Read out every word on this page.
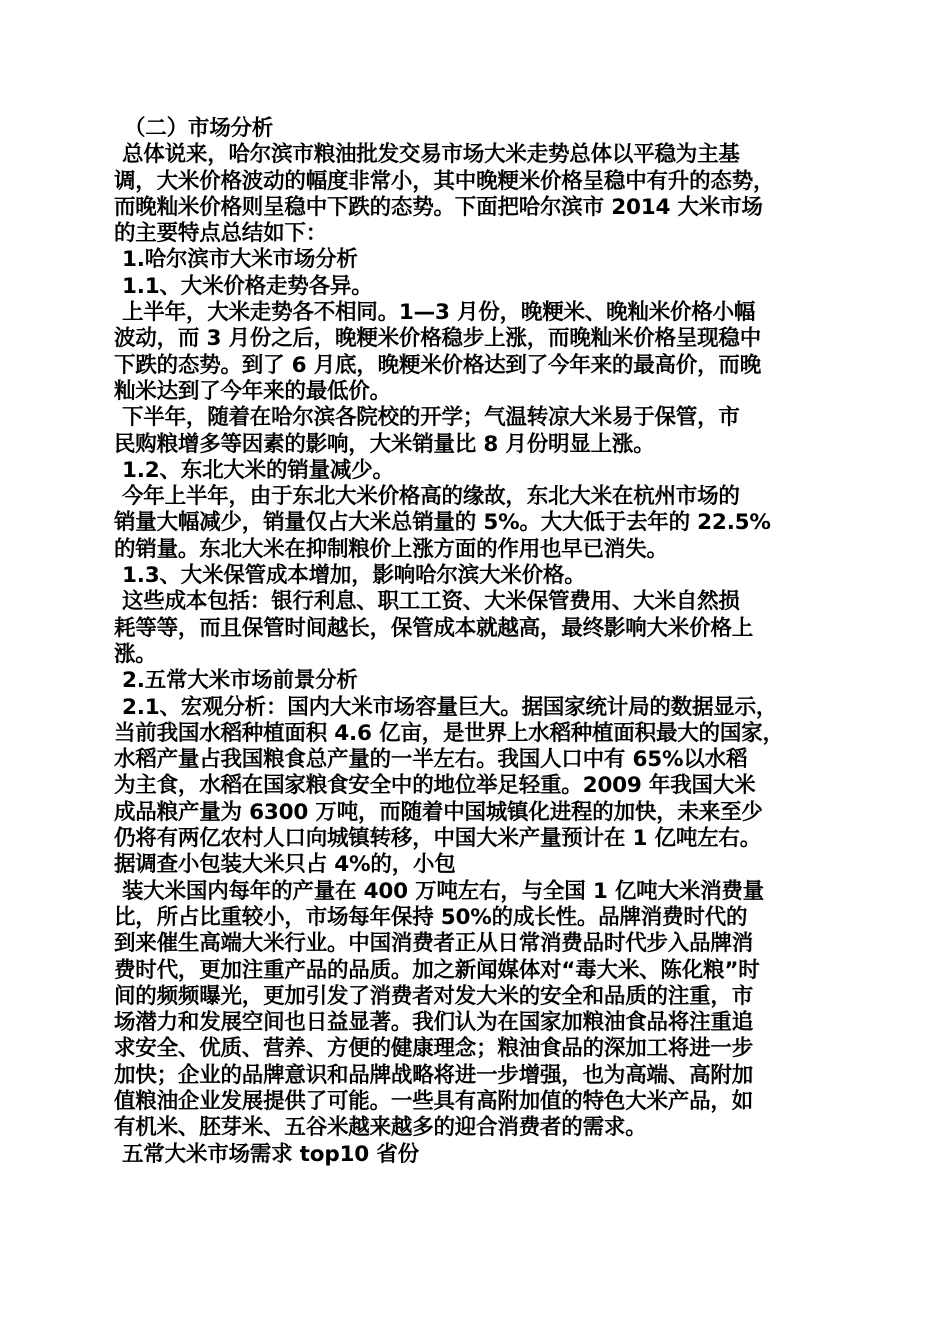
（二）市场分析
总体说来，哈尔滨市粮油批发交易市场大米走势总体以平稳为主基
调，大米价格波动的幅度非常小，其中晚粳米价格呈稳中有升的态势，
而晚籼米价格则呈稳中下跌的态势。下面把哈尔滨市 2014 大米市场
的主要特点总结如下：
1.哈尔滨市大米市场分析
1.1、大米价格走势各异。
上半年，大米走势各不相同。1—3 月份，晚粳米、晚籼米价格小幅
波动，而 3 月份之后，晚粳米价格稳步上涨，而晚籼米价格呈现稳中
下跌的态势。到了 6 月底，晚粳米价格达到了今年来的最高价，而晚
籼米达到了今年来的最低价。
下半年，随着在哈尔滨各院校的开学；气温转凉大米易于保管，市
民购粮增多等因素的影响，大米销量比 8 月份明显上涨。
1.2、东北大米的销量减少。
今年上半年，由于东北大米价格高的缘故，东北大米在杭州市场的
销量大幅减少，销量仅占大米总销量的 5%。大大低于去年的 22.5%
的销量。东北大米在抑制粮价上涨方面的作用也早已消失。
1.3、大米保管成本增加，影响哈尔滨大米价格。
这些成本包括：银行利息、职工工资、大米保管费用、大米自然损
耗等等，而且保管时间越长，保管成本就越高，最终影响大米价格上
涨。
2.五常大米市场前景分析
2.1、宏观分析：国内大米市场容量巨大。据国家统计局的数据显示，
当前我国水稻种植面积 4.6 亿亩，是世界上水稻种植面积最大的国家，
水稻产量占我国粮食总产量的一半左右。我国人口中有 65%以水稻
为主食，水稻在国家粮食安全中的地位举足轻重。2009 年我国大米
成品粮产量为 6300 万吨，而随着中国城镇化进程的加快，未来至少
仍将有两亿农村人口向城镇转移，中国大米产量预计在 1 亿吨左右。
据调查小包装大米只占 4%的，小包
装大米国内每年的产量在 400 万吨左右，与全国 1 亿吨大米消费量
比，所占比重较小，市场每年保持 50%的成长性。品牌消费时代的
到来催生高端大米行业。中国消费者正从日常消费品时代步入品牌消
费时代，更加注重产品的品质。加之新闻媒体对“毒大米、陈化粮”时
间的频频曝光，更加引发了消费者对发大米的安全和品质的注重，市
场潜力和发展空间也日益显著。我们认为在国家加粮油食品将注重追
求安全、优质、营养、方便的健康理念；粮油食品的深加工将进一步
加快；企业的品牌意识和品牌战略将进一步增强，也为高端、高附加
值粮油企业发展提供了可能。一些具有高附加值的特色大米产品，如
有机米、胚芽米、五谷米越来越多的迎合消费者的需求。
五常大米市场需求 top10 省份
